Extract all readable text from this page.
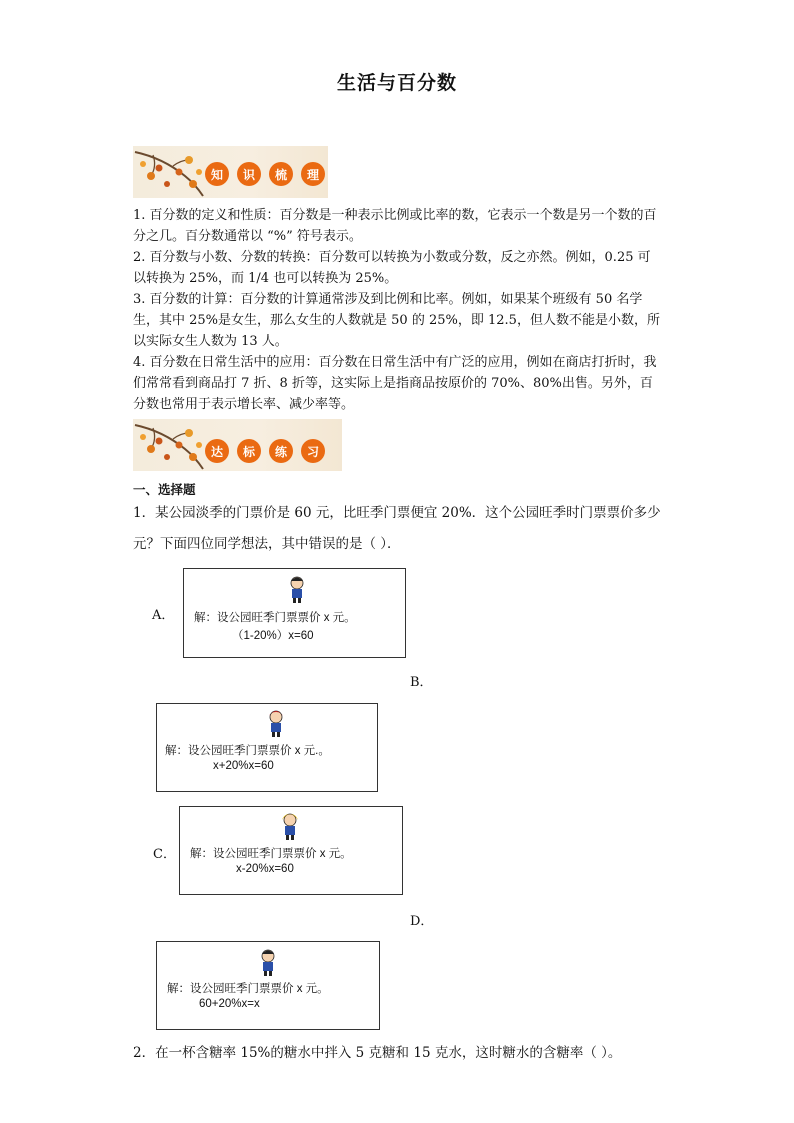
生活与百分数
知	识	梳	理
1. 百分数的定义和性质：百分数是一种表示比例或比率的数，它表示一个数是另一个数的百分之几。百分数通常以 “%” 符号表示。
2. 百分数与小数、分数的转换：百分数可以转换为小数或分数，反之亦然。例如，0.25 可以转换为 25%，而 1/4 也可以转换为 25%。
3. 百分数的计算：百分数的计算通常涉及到比例和比率。例如，如果某个班级有 50 名学生，其中 25%是女生，那么女生的人数就是 50 的 25%，即 12.5，但人数不能是小数，所以实际女生人数为 13 人。
4. 百分数在日常生活中的应用：百分数在日常生活中有广泛的应用，例如在商店打折时，我们常常看到商品打 7 折、8 折等，这实际上是指商品按原价的 70%、80%出售。另外，百分数也常用于表示增长率、减少率等。
达	标	练	习
一、选择题
1．某公园淡季的门票价是 60 元，比旺季门票便宜 20%．这个公园旺季时门票票价多少元？下面四位同学想法，其中错误的是（ ）．
A． 解：设公园旺季门票票价 x 元。
（1-20%）x=60
B．
解：设公园旺季门票票价 x 元.。
x+20%x=60
C． 解：设公园旺季门票票价 x 元。
x-20%x=60
D．
解：设公园旺季门票票价 x 元。
60+20%x=x
2．在一杯含糖率 15%的糖水中拌入 5 克糖和 15 克水，这时糖水的含糖率（ ）。
